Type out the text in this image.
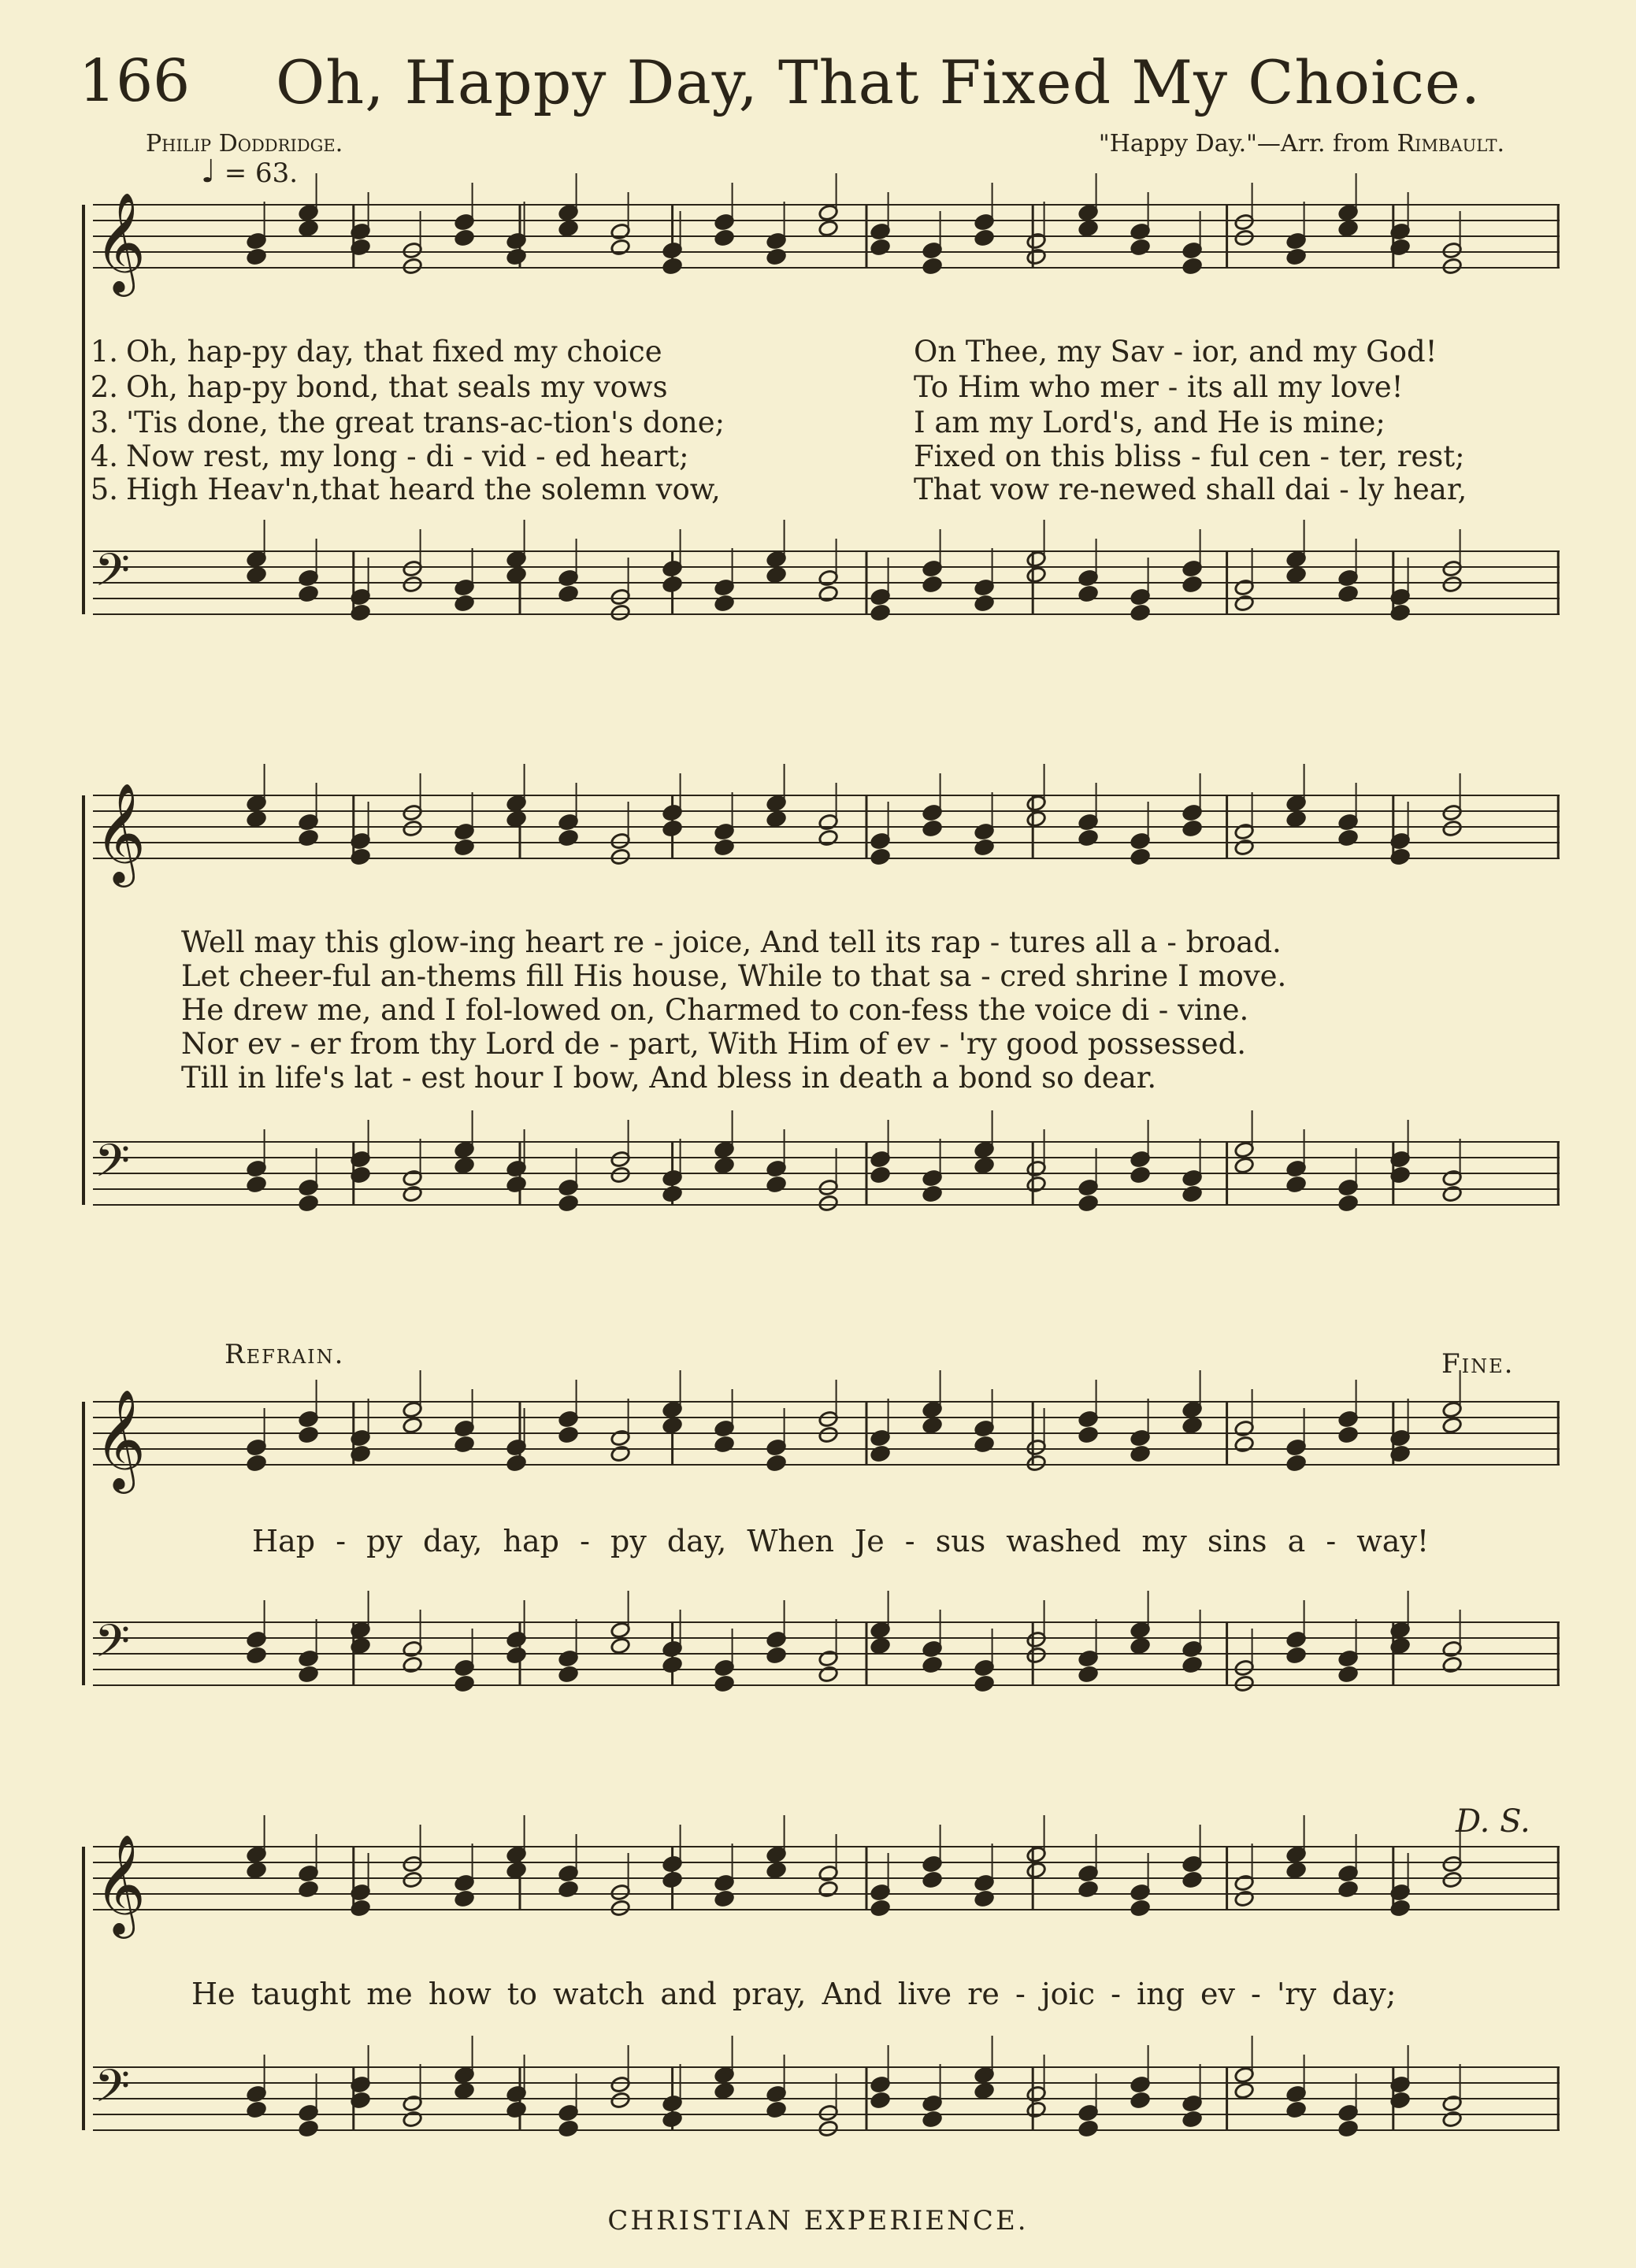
166 Oh, Happy Day, That Fixed My Choice.
Philip Doddridge.	"Happy Day."—Arr. from Rimbault.
♩ = 63.
𝄞
𝄢
𝄞
𝄢
𝄞
𝄢
𝄞
𝄢
1. Oh, hap-py day, that fixed my choice	On Thee, my Sav - ior, and my God!
2. Oh, hap-py bond, that seals my vows	To Him who mer - its all my love!
3. 'Tis done, the great trans-ac-tion's done;	I am my Lord's, and He is mine;
4. Now rest, my long - di - vid - ed heart;	Fixed on this bliss - ful cen - ter, rest;
5. High Heav'n,that heard the solemn vow,	That vow re-newed shall dai - ly hear,
Well may this glow-ing heart re - joice, And tell its rap - tures all a - broad.
Let cheer-ful an-thems fill His house, While to that sa - cred shrine I move.
He drew me, and I fol-lowed on, Charmed to con-fess the voice di - vine.
Nor ev - er from thy Lord de - part, With Him of ev - 'ry good possessed.
Till in life's lat - est hour I bow, And bless in death a bond so dear.
Refrain.	Fine.
Hap - py day, hap - py day, When Je - sus washed my sins a - way!
D. S.
He taught me how to watch and pray, And live re - joic - ing ev - 'ry day;
CHRISTIAN EXPERIENCE.
